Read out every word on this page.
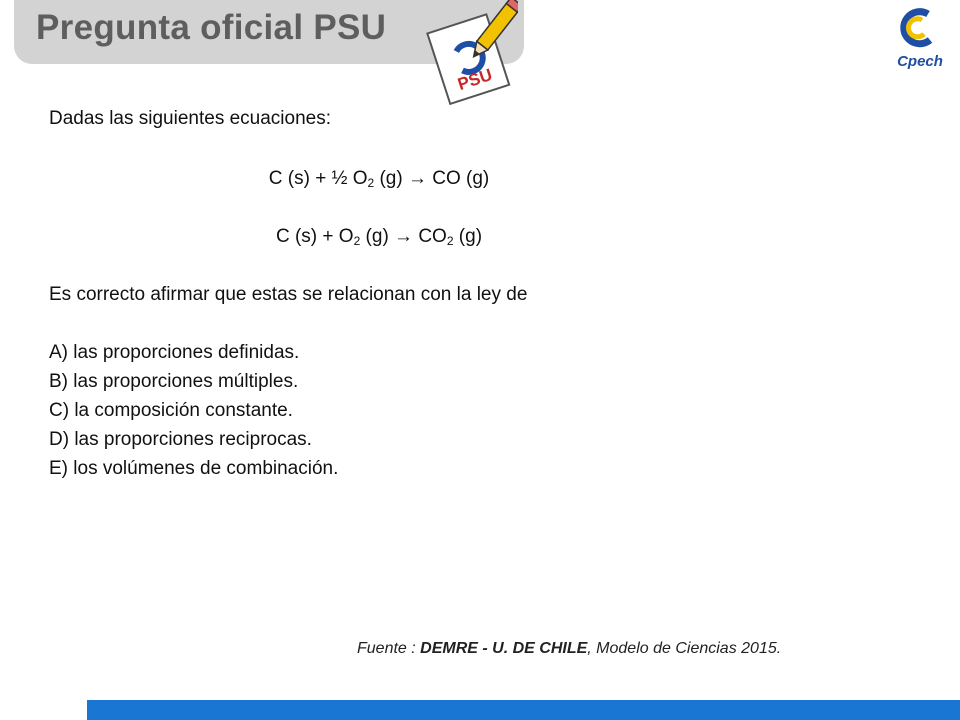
Pregunta oficial PSU
PSU
Cpech
Dadas las siguientes ecuaciones:
C (s) + ½ $O_2$ (g) → CO (g)
C $(s) + O_2$ $(g) \to CO_2$ (g)
Es correcto afirmar que estas se relacionan con la ley de
A) las proporciones definidas.
B) las proporciones múltiples.
C) la composición constante.
D) las proporciones reciprocas.
E) los volúmenes de combinación.
Fuente : DEMRE - U. DE CHILE, Modelo de Ciencias 2015.
